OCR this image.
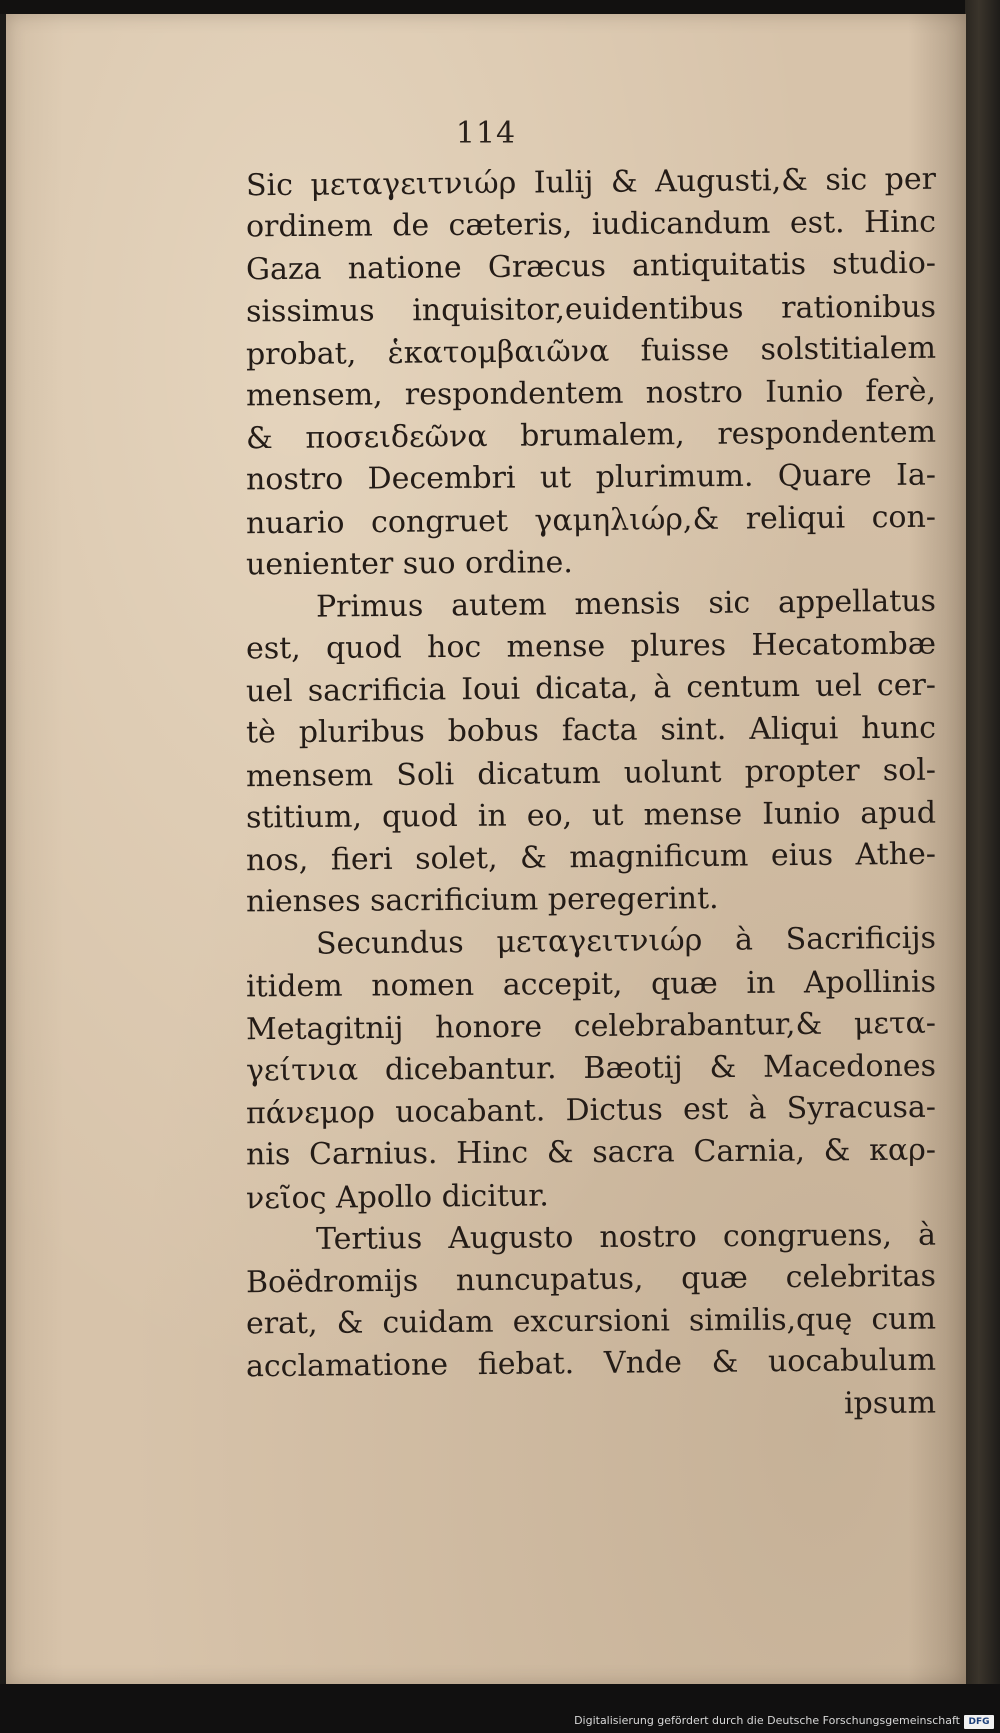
114
Sic μεταγειτνιώρ Iulij & Augusti,& sic per
ordinem de cæteris, iudicandum est. Hinc
Gaza natione Græcus antiquitatis studio-
sissimus inquisitor,euidentibus rationibus
probat, ἑκατομβαιῶνα fuisse solstitialem
mensem, respondentem nostro Iunio ferè,
& ποσειδεῶνα brumalem, respondentem
nostro Decembri ut plurimum. Quare Ia-
nuario congruet γαμηλιώρ,& reliqui con-
uenienter suo ordine.
Primus autem mensis sic appellatus
est, quod hoc mense plures Hecatombæ
uel sacrificia Ioui dicata, à centum uel cer-
tè pluribus bobus facta sint. Aliqui hunc
mensem Soli dicatum uolunt propter sol-
stitium, quod in eo, ut mense Iunio apud
nos, fieri solet, & magnificum eius Athe-
nienses sacrificium peregerint.
Secundus μεταγειτνιώρ à Sacrificijs
itidem nomen accepit, quæ in Apollinis
Metagitnij honore celebrabantur,& μετα-
γείτνια dicebantur. Bæotij & Macedones
πάνεμορ uocabant. Dictus est à Syracusa-
nis Carnius. Hinc & sacra Carnia, & καρ-
νεῖος Apollo dicitur.
Tertius Augusto nostro congruens, à
Boëdromijs nuncupatus, quæ celebritas
erat, & cuidam excursioni similis,quę cum
acclamatione fiebat. Vnde & uocabulum
ipsum
Digitalisierung gefördert durch die Deutsche Forschungsgemeinschaft DFG
